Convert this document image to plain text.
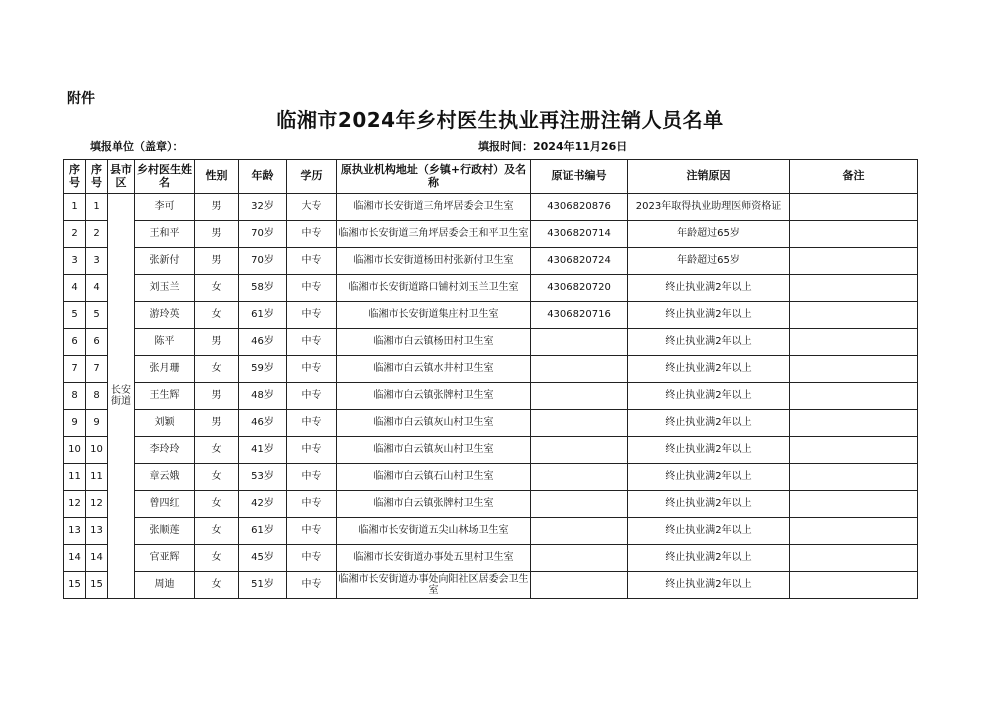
附件
临湘市2024年乡村医生执业再注册注销人员名单
填报单位（盖章）：	填报时间：2024年11月26日
序号	序号	县市区	乡村医生姓名	性别	年龄	学历	原执业机构地址（乡镇+行政村）及名称	原证书编号	注销原因	备注
1	1	长安街道	李可	男	32岁	大专	临湘市长安街道三角坪居委会卫生室	4306820876	2023年取得执业助理医师资格证	
2	2		王和平	男	70岁	中专	临湘市长安街道三角坪居委会王和平卫生室	4306820714	年龄超过65岁	
3	3		张新付	男	70岁	中专	临湘市长安街道杨田村张新付卫生室	4306820724	年龄超过65岁	
4	4		刘玉兰	女	58岁	中专	临湘市长安街道路口铺村刘玉兰卫生室	4306820720	终止执业满2年以上	
5	5		游玲英	女	61岁	中专	临湘市长安街道集庄村卫生室	4306820716	终止执业满2年以上	
6	6		陈平	男	46岁	中专	临湘市白云镇杨田村卫生室		终止执业满2年以上	
7	7		张月珊	女	59岁	中专	临湘市白云镇水井村卫生室		终止执业满2年以上	
8	8		王生辉	男	48岁	中专	临湘市白云镇张牌村卫生室		终止执业满2年以上	
9	9		刘颖	男	46岁	中专	临湘市白云镇灰山村卫生室		终止执业满2年以上	
10	10		李玲玲	女	41岁	中专	临湘市白云镇灰山村卫生室		终止执业满2年以上	
11	11		章云娥	女	53岁	中专	临湘市白云镇石山村卫生室		终止执业满2年以上	
12	12		曾四红	女	42岁	中专	临湘市白云镇张牌村卫生室		终止执业满2年以上	
13	13		张顺莲	女	61岁	中专	临湘市长安街道五尖山林场卫生室		终止执业满2年以上	
14	14		官亚辉	女	45岁	中专	临湘市长安街道办事处五里村卫生室		终止执业满2年以上	
15	15		周迪	女	51岁	中专	临湘市长安街道办事处向阳社区居委会卫生室		终止执业满2年以上	
